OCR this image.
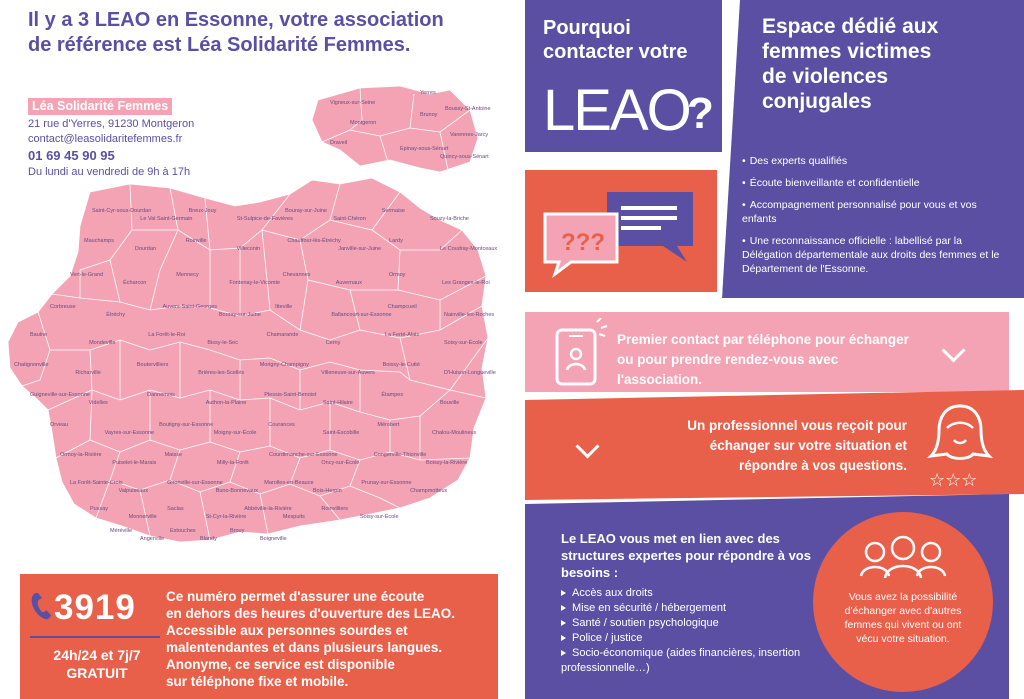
Il y a 3 LEAO en Essonne, votre association
de référence est Léa Solidarité Femmes.
Vigneux-sur-Seine
Yerres
Montgeron
Brunoy
Draveil
Epinay-sous-Sénart
Quincy-sous-Sénart
Varennes-Jarcy
Boussy-St-Antoine
Saint-Cyr-sous-Dourdan
Le Val Saint-Germain
Breux-Jouy
St-Sulpice-de-Favières
Bouray-sur-Juine
Saint-Chéron
Sermaise
Souzy-la-Briche
Mauchamps
Dourdan
Roinville
Villeconin
Chauffour-lès-Étréchy
Janville-sur-Juine
Lardy
Le Coudray-Montceaux
Vert-le-Grand
Écharcon
Mennecy
Fontenay-le-Vicomte
Chevannes
Auvernaux
Ormoy
Les Granges-le-Roi
Corbreuse
Étréchy
Auvers-Saint-Georges
Bouray-sur-Juine
Itteville
Ballancourt-sur-Essonne
Champcueil
Nainville-les-Roches
Baulne
Mondeville
La Forêt-le-Roi
Bissy-le-Sec
Chamarande
Cerny
La Ferté-Alais
Soisy-sur-École
Chatignonville
Richarville
Boutervilliers
Brières-les-Scellés
Morigny-Champigny
Villeneuve-sur-Auvers
Boissy-le-Cutté
D'Huison-Longueville
Guigneville-sur-Essonne
Videlles
Dannemois
Authon-la-Plaine
Plessis-Saint-Benoist
Saint-Hilaire
Étampes
Bouville
Orveau
Vayres-sur-Essonne
Boutigny-sur-Essonne
Moigny-sur-École
Courances
Saint-Escobille
Mérobert
Chalou-Moulineux
Ormoy-la-Rivière
Puiselet-le-Marais
Maisse
Milly-la-Forêt
Courdimanche-sur-Essonne
Oncy-sur-École
Congerville-Thionville
Boissy-la-Rivière
La Forêt-Sainte-Croix
Valpuiseaux
Gironville-sur-Essonne
Buno-Bonnevaux
Marolles-en-Beauce
Bois-Herpin
Prunay-sur-Essonne
Champmotteux
Pussay
Monnerville
Saclas
St-Cyr-la-Rivière
Abbéville-la-Rivière
Mespuits
Roinvilliers
Soisy-sur-École
Méréville
Angerville
Estouches
Blandy
Brouy
Boigneville
Léa Solidarité Femmes
21 rue d'Yerres, 91230 Montgeron
contact@leasolidaritefemmes.fr
01 69 45 90 95
Du lundi au vendredi de 9h à 17h
3919
24h/24 et 7j/7
GRATUIT
Ce numéro permet d'assurer une écoute
en dehors des heures d'ouverture des LEAO.
Accessible aux personnes sourdes et
malentendantes et dans plusieurs langues.
Anonyme, ce service est disponible
sur téléphone fixe et mobile.
Pourquoi
contacter votre
LEAO
?
???
Espace dédié aux
femmes victimes
de violences
conjugales
• Des experts qualifiés
• Écoute bienveillante et confidentielle
• Accompagnement personnalisé pour vous et vos enfants
• Une reconnaissance officielle : labellisé par la Délégation départementale aux droits des femmes et le Département de l'Essonne.
Premier contact par téléphone pour échanger ou pour prendre rendez-vous avec l'association.
Un professionnel vous reçoit pour échanger sur votre situation et répondre à vos questions.
☆☆☆
Le LEAO vous met en lien avec des structures expertes pour répondre à vos besoins :
Accès aux droits
Mise en sécurité / hébergement
Santé / soutien psychologique
Police / justice
Socio-économique (aides financières, insertion professionnelle…)
Vous avez la possibilité d'échanger avec d'autres femmes qui vivent ou ont vécu votre situation.
